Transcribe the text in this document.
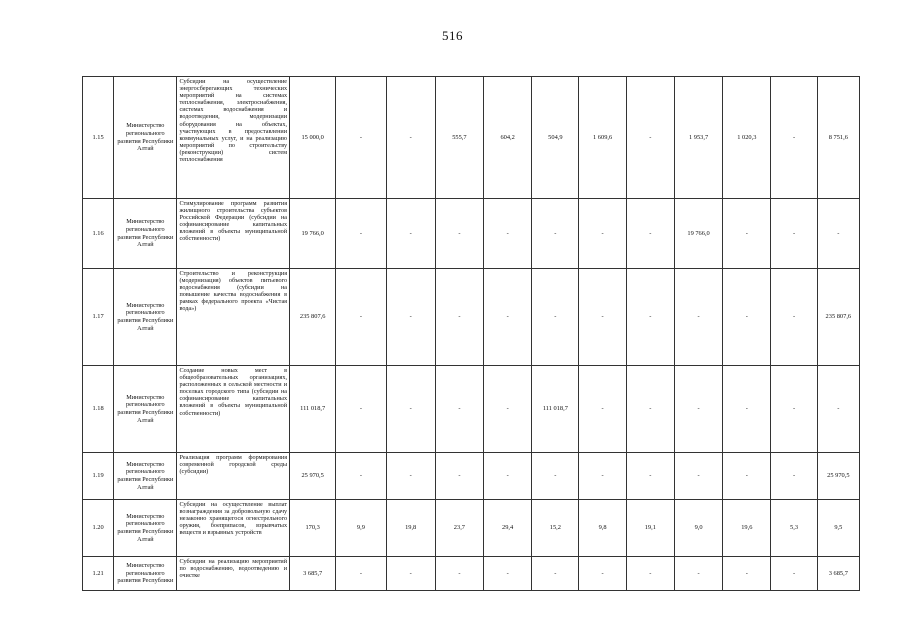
516
1.15	Министерство регионального развития Республики Алтай	Субсидии на осуществление энергосберегающих технических мероприятий на системах теплоснабжения, электроснабжения, системах водоснабжения и водоотведения, модернизации оборудования на объектах, участвующих в предоставлении коммунальных услуг, и на реализацию мероприятий по строительству (реконструкции) систем теплоснабжения	15 000,0	-	-	555,7	604,2	504,9	1 609,6	-	1 953,7	1 020,3	-	8 751,6
1.16	Министерство регионального развития Республики Алтай	Стимулирование программ развития жилищного строительства субъектов Российской Федерации (субсидии на софинансирование капитальных вложений в объекты муниципальной собственности)	19 766,0	-	-	-	-	-	-	-	19 766,0	-	-	-
1.17	Министерство регионального развития Республики Алтай	Строительство и реконструкция (модернизация) объектов питьевого водоснабжения (субсидии на повышение качества водоснабжения в рамках федерального проекта «Чистая вода»)	235 807,6	-	-	-	-	-	-	-	-	-	-	235 807,6
1.18	Министерство регионального развития Республики Алтай	Создание новых мест в общеобразовательных организациях, расположенных в сельской местности и поселках городского типа (субсидии на софинансирование капитальных вложений в объекты муниципальной собственности)	111 018,7	-	-	-	-	111 018,7	-	-	-	-	-	-
1.19	Министерство регионального развития Республики Алтай	Реализация программ формирования современной городской среды (субсидии)	25 970,5	-	-	-	-	-	-	-	-	-	-	25 970,5
1.20	Министерство регионального развития Республики Алтай	Субсидии на осуществление выплат вознаграждения за добровольную сдачу незаконно хранящегося огнестрельного оружия, боеприпасов, взрывчатых веществ и взрывных устройств	170,3	9,9	19,8	23,7	29,4	15,2	9,8	19,1	9,0	19,6	5,3	9,5
1.21	Министерство регионального развития Республики	Субсидии на реализацию мероприятий по водоснабжению, водоотведению и очистке	3 685,7	-	-	-	-	-	-	-	-	-	-	3 685,7
